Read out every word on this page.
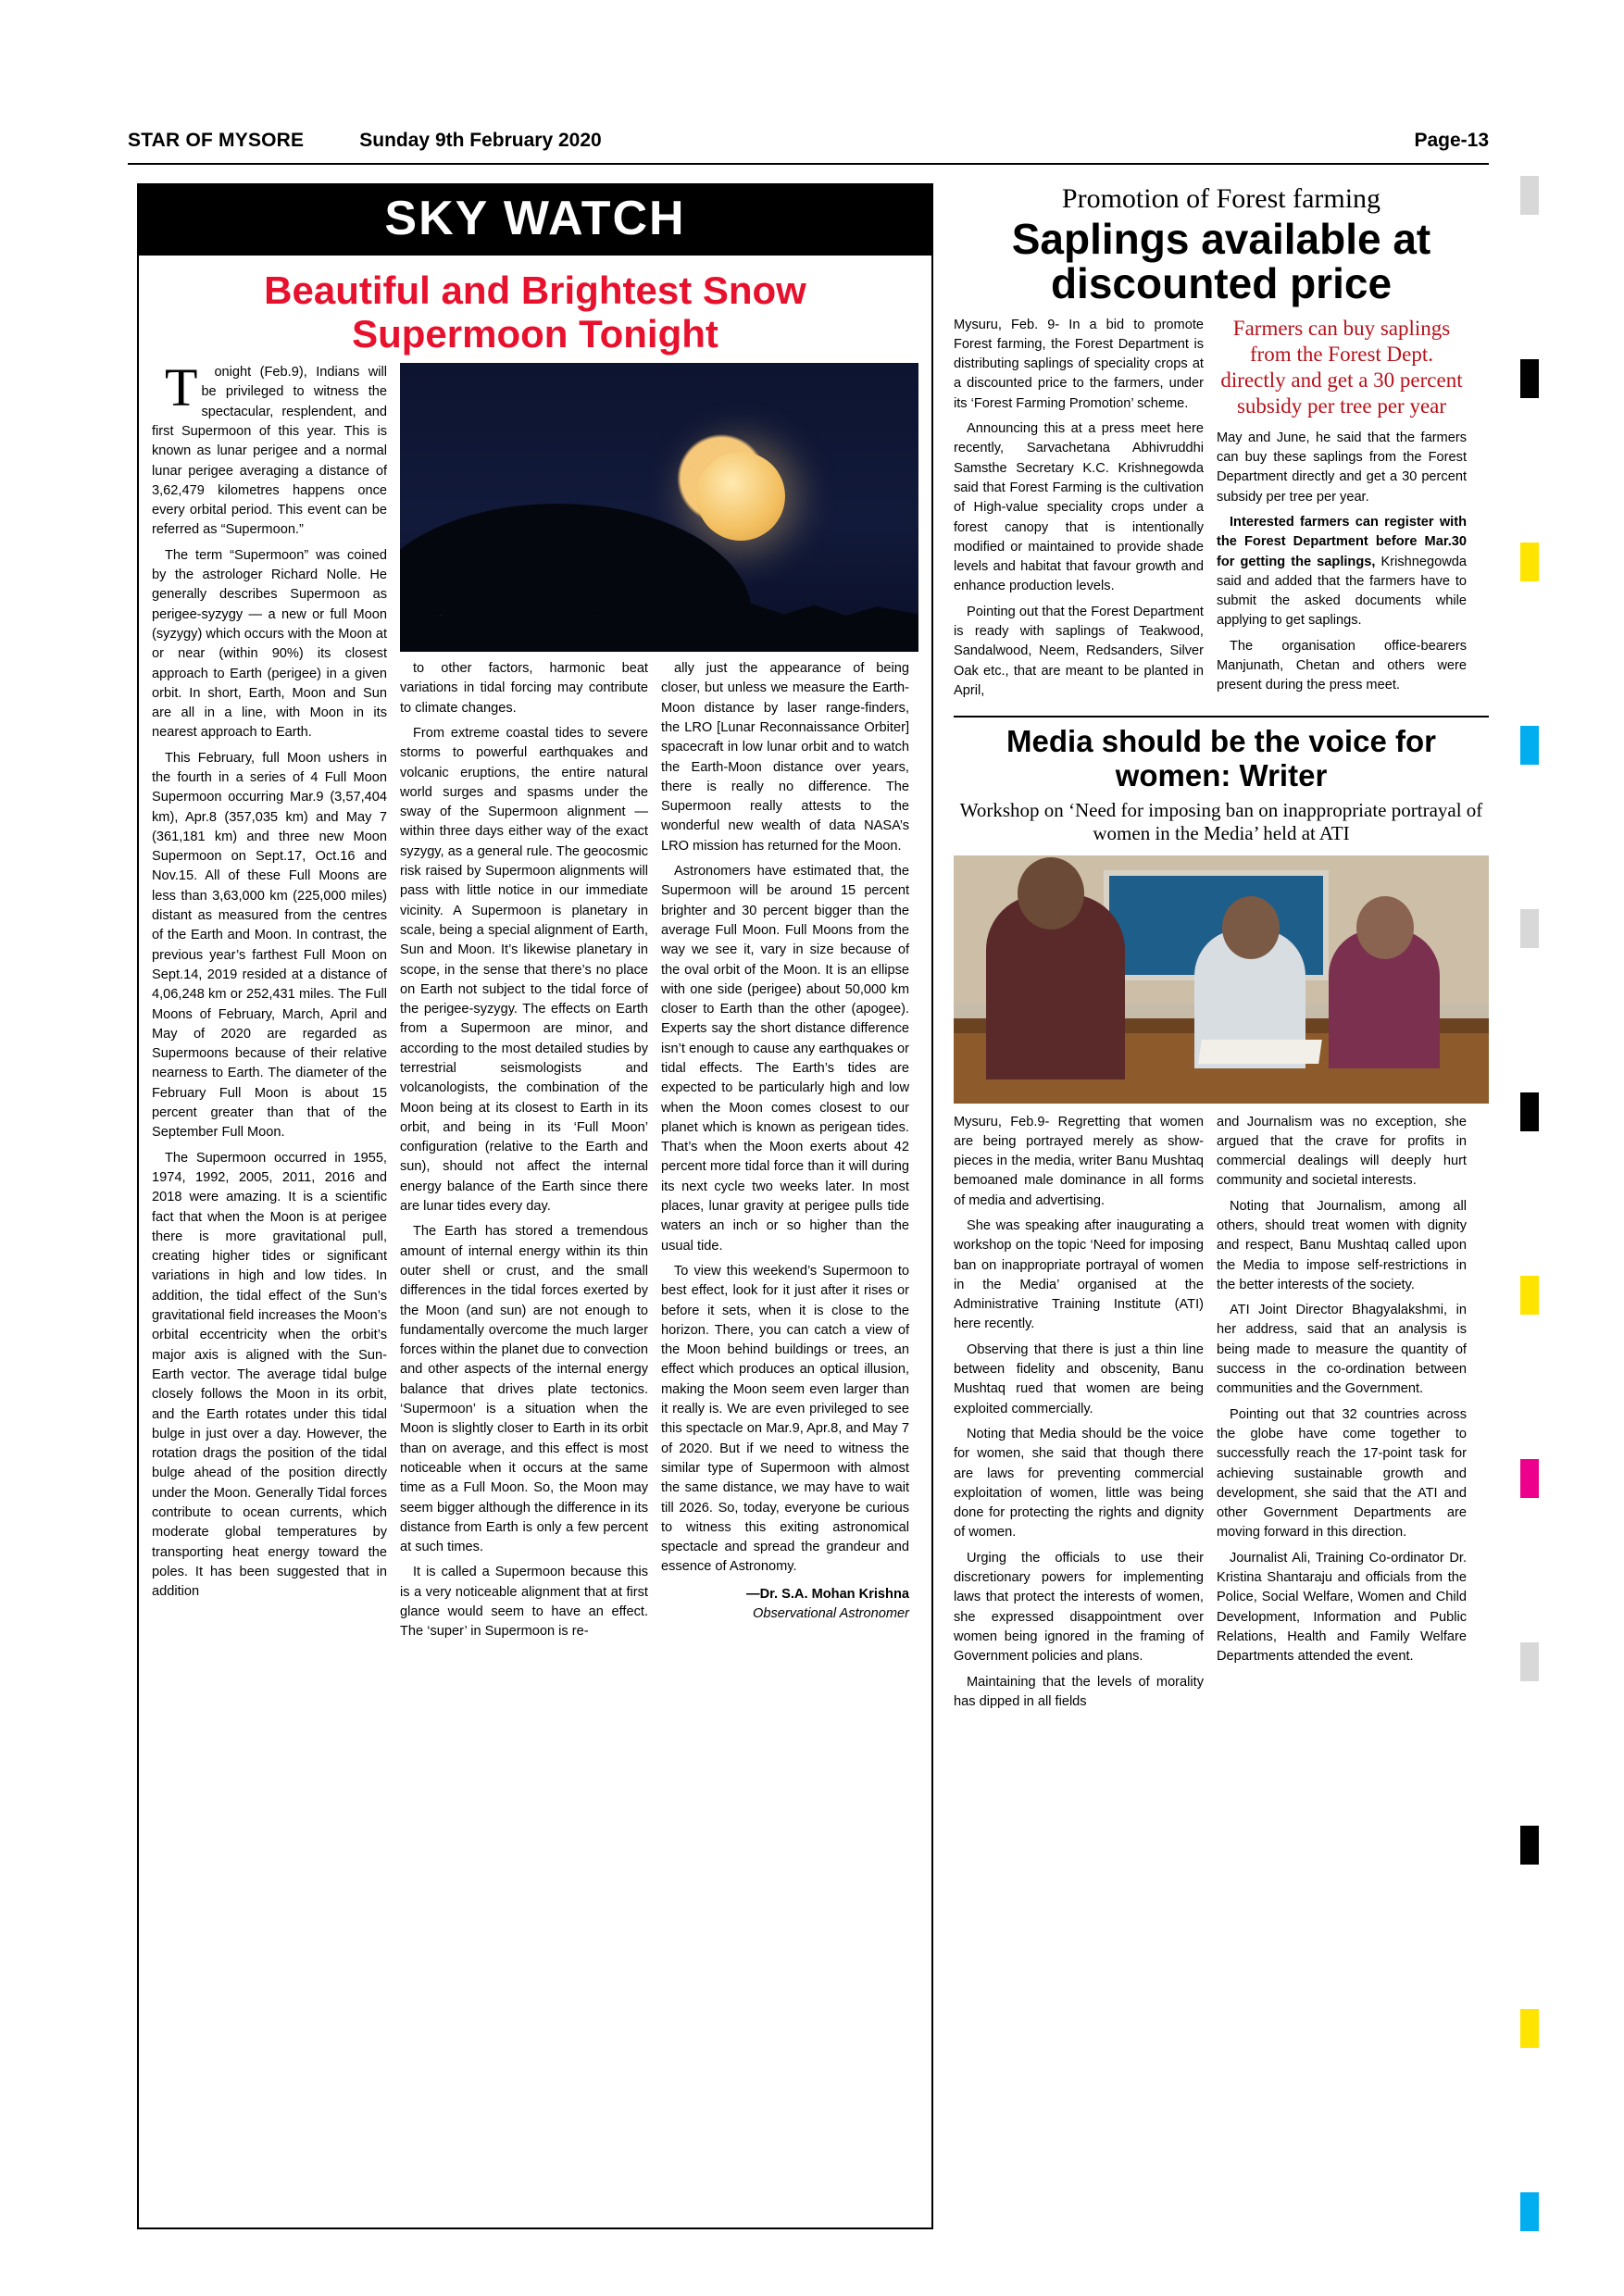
STAR OF MYSORE	Sunday 9th February 2020	Page-13
SKY WATCH
Beautiful and Brightest Snow Supermoon Tonight

T onight (Feb.9), Indians will be privileged to witness the spectacular, resplendent, and first Supermoon of this year. This is known as lunar perigee and a normal lunar perigee averaging a distance of 3,62,479 kilometres happens once every orbital period. This event can be referred as “Supermoon.”

The term “Supermoon” was coined by the astrologer Richard Nolle. He generally describes Supermoon as perigee-syzygy — a new or full Moon (syzygy) which occurs with the Moon at or near (within 90%) its closest approach to Earth (perigee) in a given orbit. In short, Earth, Moon and Sun are all in a line, with Moon in its nearest approach to Earth.

This February, full Moon ushers in the fourth in a series of 4 Full Moon Supermoon occurring Mar.9 (3,57,404 km), Apr.8 (357,035 km) and May 7 (361,181 km) and three new Moon Supermoon on Sept.17, Oct.16 and Nov.15. All of these Full Moons are less than 3,63,000 km (225,000 miles) distant as measured from the centres of the Earth and Moon. In contrast, the previous year’s farthest Full Moon on Sept.14, 2019 resided at a distance of 4,06,248 km or 252,431 miles. The Full Moons of February, March, April and May of 2020 are regarded as Supermoons because of their relative nearness to Earth. The diameter of the February Full Moon is about 15 percent greater than that of the September Full Moon.

The Supermoon occurred in 1955, 1974, 1992, 2005, 2011, 2016 and 2018 were amazing. It is a scientific fact that when the Moon is at perigee there is more gravitational pull, creating higher tides or significant variations in high and low tides. In addition, the tidal effect of the Sun’s gravitational field increases the Moon’s orbital eccentricity when the orbit’s major axis is aligned with the Sun-Earth vector. The average tidal bulge closely follows the Moon in its orbit, and the Earth rotates under this tidal bulge in just over a day. However, the rotation drags the position of the tidal bulge ahead of the position directly under the Moon. Generally Tidal forces contribute to ocean currents, which moderate global temperatures by transporting heat energy toward the poles. It has been suggested that in addition

to other factors, harmonic beat variations in tidal forcing may contribute to climate changes.

From extreme coastal tides to severe storms to powerful earthquakes and volcanic eruptions, the entire natural world surges and spasms under the sway of the Supermoon alignment — within three days either way of the exact syzygy, as a general rule. The geocosmic risk raised by Supermoon alignments will pass with little notice in our immediate vicinity. A Supermoon is planetary in scale, being a special alignment of Earth, Sun and Moon. It’s likewise planetary in scope, in the sense that there’s no place on Earth not subject to the tidal force of the perigee-syzygy. The effects on Earth from a Supermoon are minor, and according to the most detailed studies by terrestrial seismologists and volcanologists, the combination of the Moon being at its closest to Earth in its orbit, and being in its ‘Full Moon’ configuration (relative to the Earth and sun), should not affect the internal energy balance of the Earth since there are lunar tides every day.

The Earth has stored a tremendous amount of internal energy within its thin outer shell or crust, and the small differences in the tidal forces exerted by the Moon (and sun) are not enough to fundamentally overcome the much larger forces within the planet due to convection and other aspects of the internal energy balance that drives plate tectonics. ‘Supermoon’ is a situation when the Moon is slightly closer to Earth in its orbit than on average, and this effect is most noticeable when it occurs at the same time as a Full Moon. So, the Moon may seem bigger although the difference in its distance from Earth is only a few percent at such times.

It is called a Supermoon because this is a very noticeable alignment that at first glance would seem to have an effect. The ‘super’ in Supermoon is re-

ally just the appearance of being closer, but unless we measure the Earth-Moon distance by laser range-finders, the LRO [Lunar Reconnaissance Orbiter] spacecraft in low lunar orbit and to watch the Earth-Moon distance over years, there is really no difference. The Supermoon really attests to the wonderful new wealth of data NASA’s LRO mission has returned for the Moon.

Astronomers have estimated that, the Supermoon will be around 15 percent brighter and 30 percent bigger than the average Full Moon. Full Moons from the way we see it, vary in size because of the oval orbit of the Moon. It is an ellipse with one side (perigee) about 50,000 km closer to Earth than the other (apogee). Experts say the short distance difference isn’t enough to cause any earthquakes or tidal effects. The Earth’s tides are expected to be particularly high and low when the Moon comes closest to our planet which is known as perigean tides. That’s when the Moon exerts about 42 percent more tidal force than it will during its next cycle two weeks later. In most places, lunar gravity at perigee pulls tide waters an inch or so higher than the usual tide.

To view this weekend’s Supermoon to best effect, look for it just after it rises or before it sets, when it is close to the horizon. There, you can catch a view of the Moon behind buildings or trees, an effect which produces an optical illusion, making the Moon seem even larger than it really is. We are even privileged to see this spectacle on Mar.9, Apr.8, and May 7 of 2020. But if we need to witness the similar type of Supermoon with almost the same distance, we may have to wait till 2026. So, today, everyone be curious to witness this exiting astronomical spectacle and spread the grandeur and essence of Astronomy.

—Dr. S.A. Mohan Krishna
Observational Astronomer
Promotion of Forest farming
Saplings available at discounted price

Mysuru, Feb. 9- In a bid to promote Forest farming, the Forest Department is distributing saplings of speciality crops at a discounted price to the farmers, under its ‘Forest Farming Promotion’ scheme.

Announcing this at a press meet here recently, Sarvachetana Abhivruddhi Samsthe Secretary K.C. Krishnegowda said that Forest Farming is the cultivation of High-value speciality crops under a forest canopy that is intentionally modified or maintained to provide shade levels and habitat that favour growth and enhance production levels.

Pointing out that the Forest Department is ready with saplings of Teakwood, Sandalwood, Neem, Redsanders, Silver Oak etc., that are meant to be planted in April,

Farmers can buy saplings from the Forest Dept. directly and get a 30 percent subsidy per tree per year

May and June, he said that the farmers can buy these saplings from the Forest Department directly and get a 30 percent subsidy per tree per year.

Interested farmers can register with the Forest Department before Mar.30 for getting the saplings, Krishnegowda said and added that the farmers have to submit the asked documents while applying to get saplings.

The organisation office-bearers Manjunath, Chetan and others were present during the press meet.

Media should be the voice for women: Writer
Workshop on ‘Need for imposing ban on inappropriate portrayal of women in the Media’ held at ATI

Mysuru, Feb.9- Regretting that women are being portrayed merely as show-pieces in the media, writer Banu Mushtaq bemoaned male dominance in all forms of media and advertising.

She was speaking after inaugurating a workshop on the topic ‘Need for imposing ban on inappropriate portrayal of women in the Media’ organised at the Administrative Training Institute (ATI) here recently.

Observing that there is just a thin line between fidelity and obscenity, Banu Mushtaq rued that women are being exploited commercially.

Noting that Media should be the voice for women, she said that though there are laws for preventing commercial exploitation of women, little was being done for protecting the rights and dignity of women.

Urging the officials to use their discretionary powers for implementing laws that protect the interests of women, she expressed disappointment over women being ignored in the framing of Government policies and plans.

Maintaining that the levels of morality has dipped in all fields

and Journalism was no exception, she argued that the crave for profits in commercial dealings will deeply hurt community and societal interests.

Noting that Journalism, among all others, should treat women with dignity and respect, Banu Mushtaq called upon the Media to impose self-restrictions in the better interests of the society.

ATI Joint Director Bhagyalakshmi, in her address, said that an analysis is being made to measure the quantity of success in the co-ordination between communities and the Government.

Pointing out that 32 countries across the globe have come together to successfully reach the 17-point task for achieving sustainable growth and development, she said that the ATI and other Government Departments are moving forward in this direction.

Journalist Ali, Training Co-ordinator Dr. Kristina Shantaraju and officials from the Police, Social Welfare, Women and Child Development, Information and Public Relations, Health and Family Welfare Departments attended the event.
